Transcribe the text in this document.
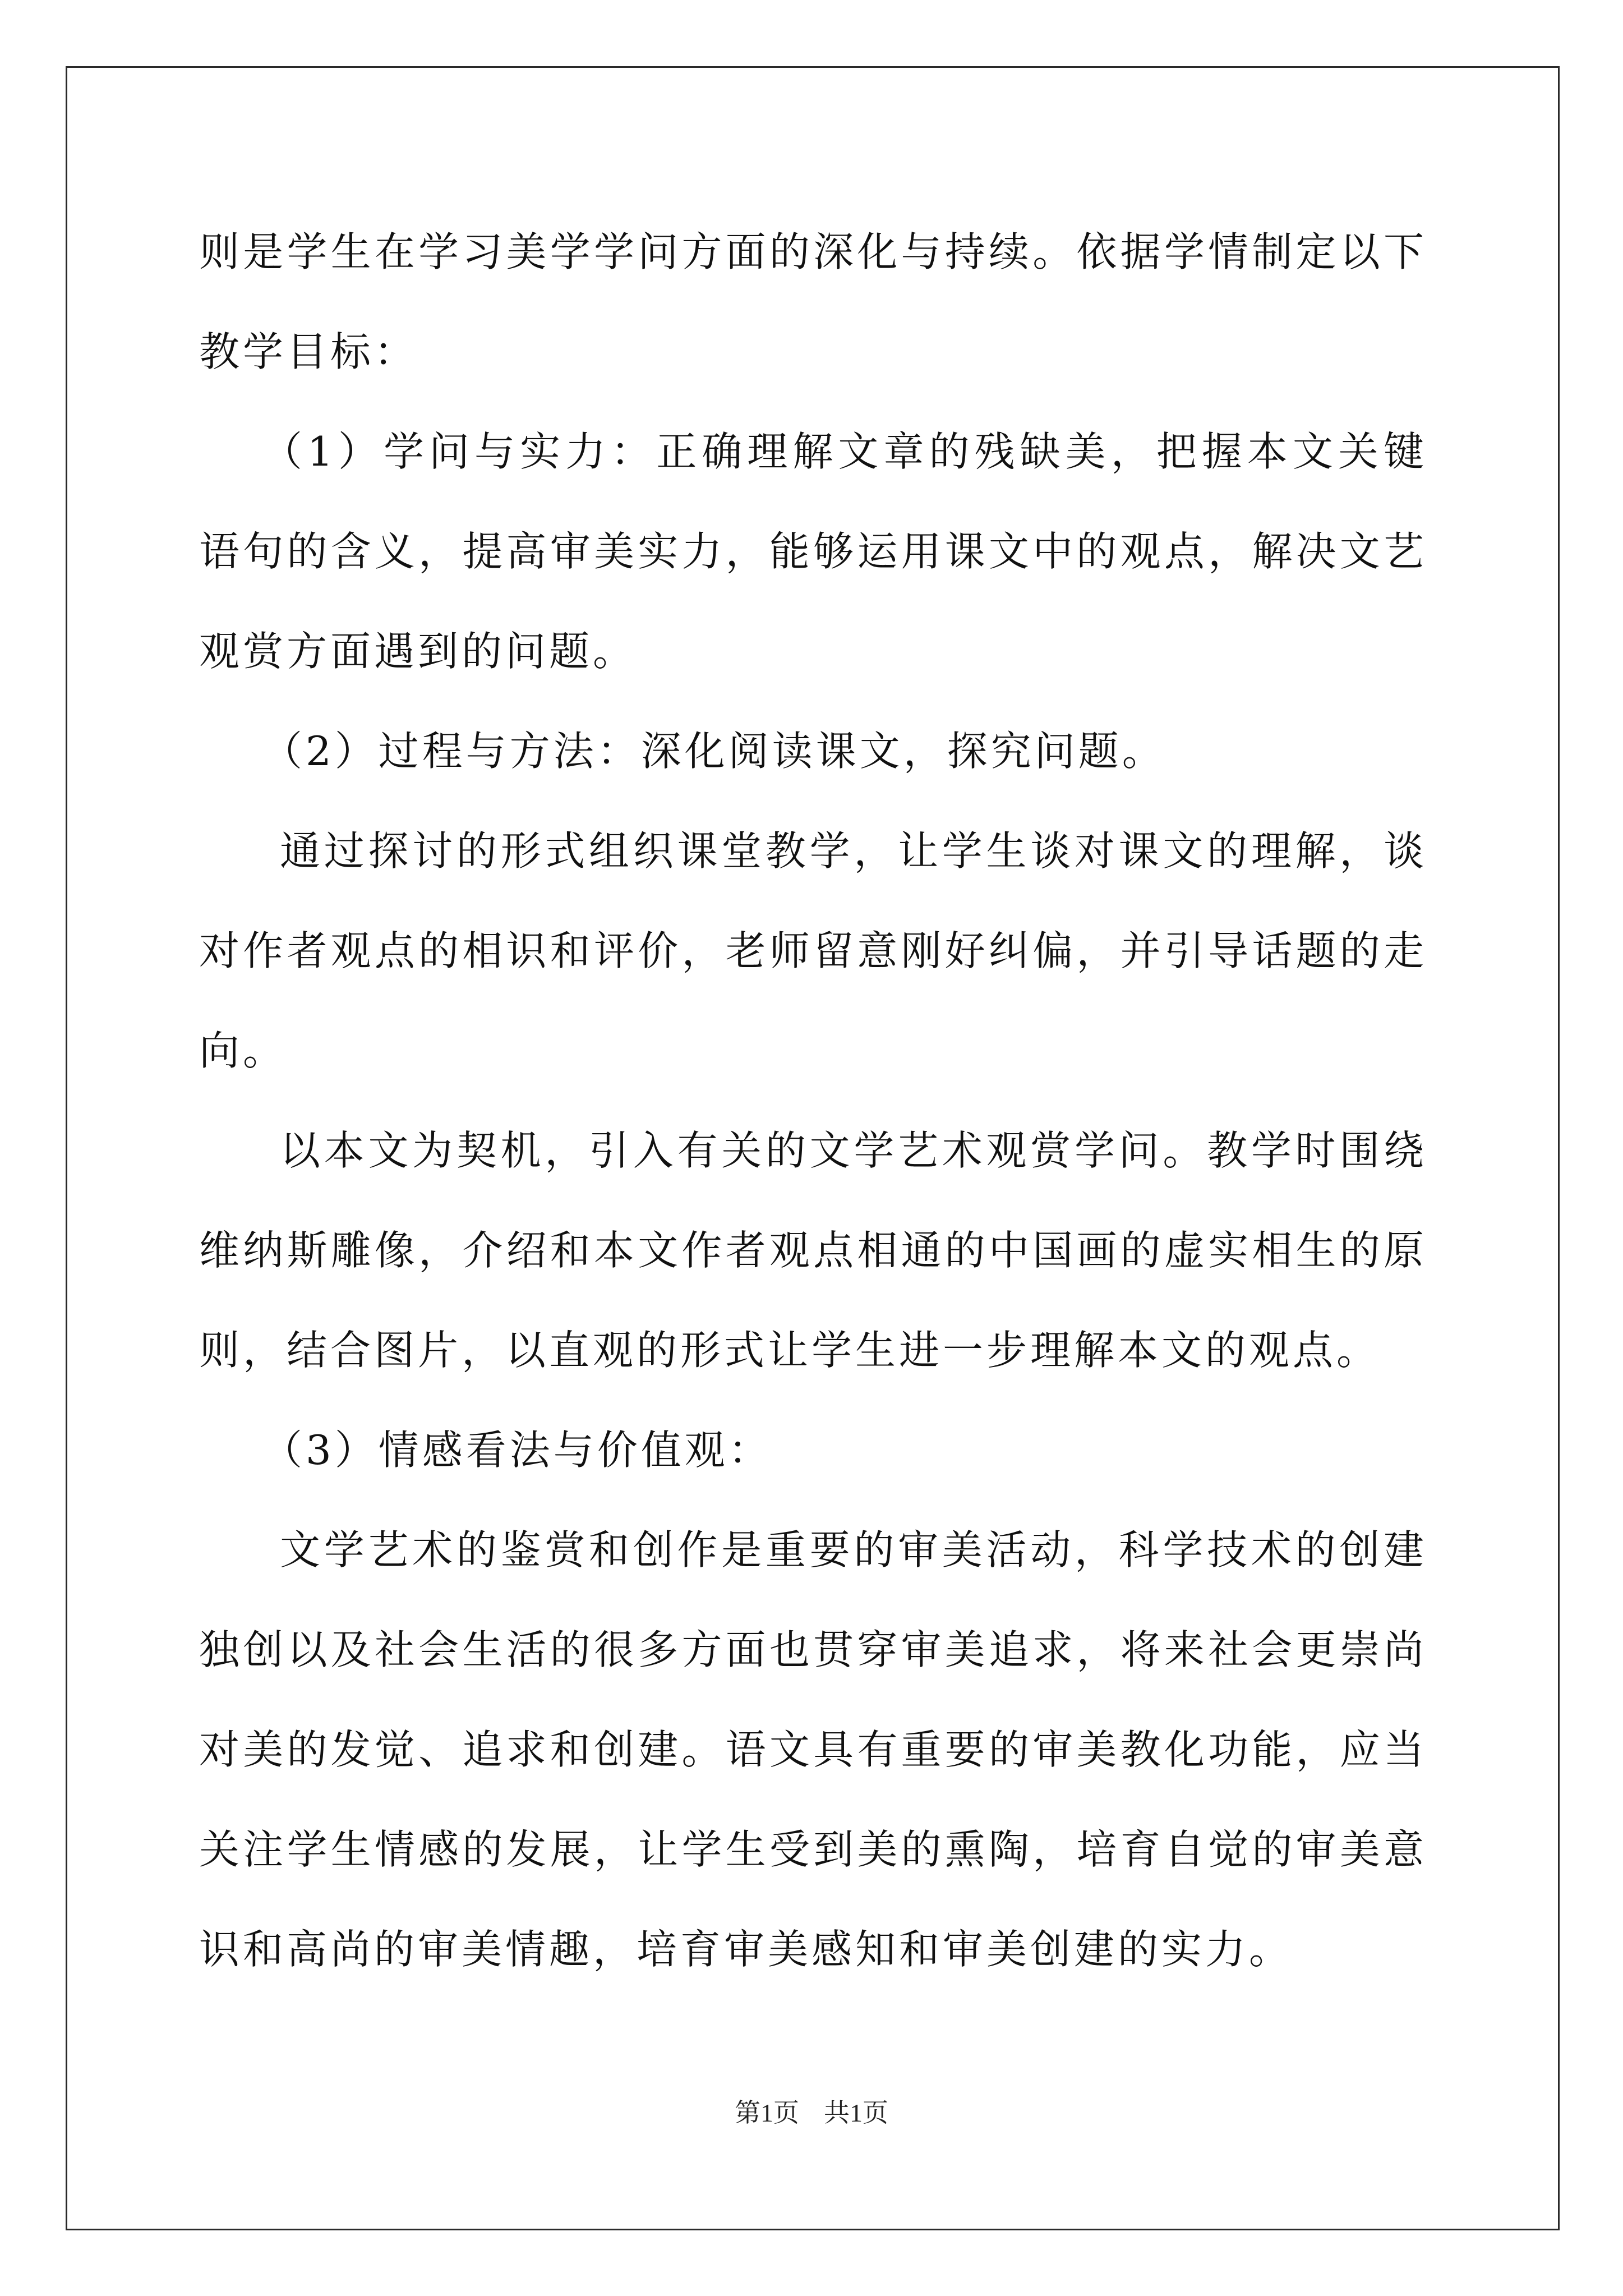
则是学生在学习美学学问方面的深化与持续。依据学情制定以下教学目标：

（1）学问与实力：正确理解文章的残缺美，把握本文关键语句的含义，提高审美实力，能够运用课文中的观点，解决文艺观赏方面遇到的问题。

（2）过程与方法：深化阅读课文，探究问题。

通过探讨的形式组织课堂教学，让学生谈对课文的理解，谈对作者观点的相识和评价，老师留意刚好纠偏，并引导话题的走向。

以本文为契机，引入有关的文学艺术观赏学问。教学时围绕维纳斯雕像，介绍和本文作者观点相通的中国画的虚实相生的原则，结合图片，以直观的形式让学生进一步理解本文的观点。

（3）情感看法与价值观：

文学艺术的鉴赏和创作是重要的审美活动，科学技术的创建独创以及社会生活的很多方面也贯穿审美追求，将来社会更崇尚对美的发觉、追求和创建。语文具有重要的审美教化功能，应当关注学生情感的发展，让学生受到美的熏陶，培育自觉的审美意识和高尚的审美情趣，培育审美感知和审美创建的实力。

第1页 共1页
